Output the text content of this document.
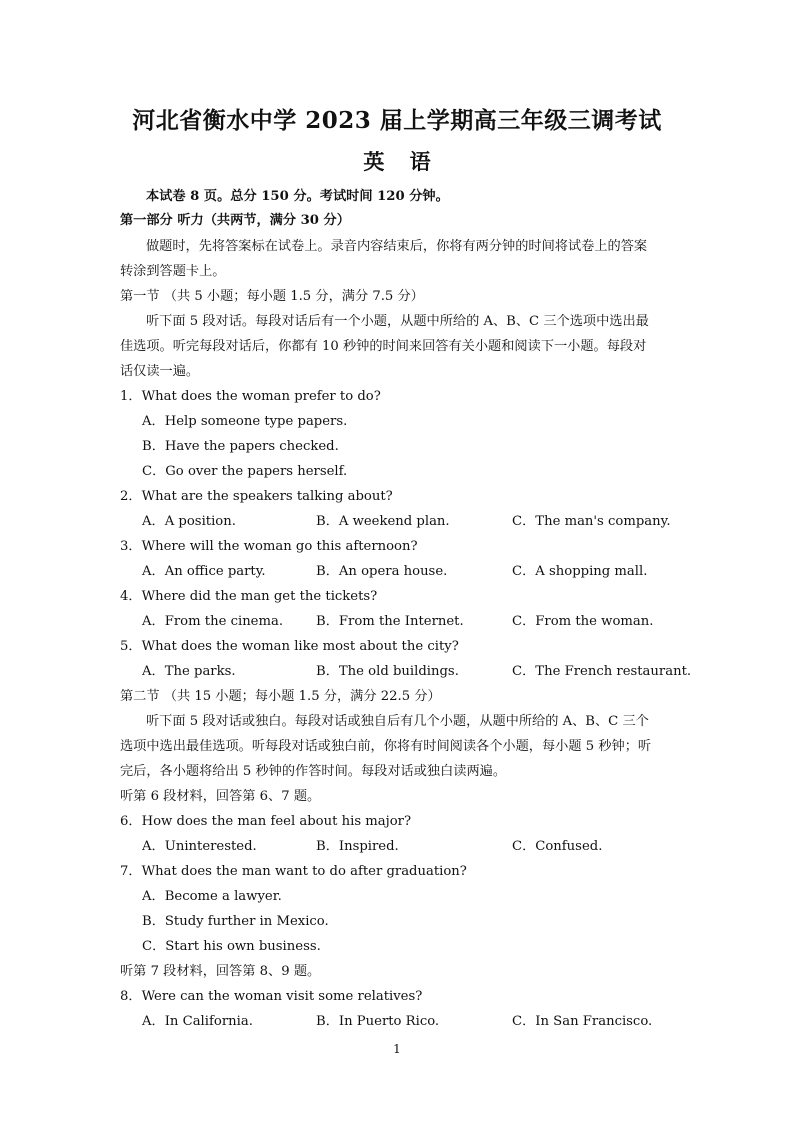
河北省衡水中学 2023 届上学期高三年级三调考试
英 语
本试卷 8 页。总分 150 分。考试时间 120 分钟。
第一部分 听力（共两节，满分 30 分）
做题时，先将答案标在试卷上。录音内容结束后，你将有两分钟的时间将试卷上的答案
转涂到答题卡上。
第一节 （共 5 小题；每小题 1.5 分，满分 7.5 分）
听下面 5 段对话。每段对话后有一个小题，从题中所给的 A、B、C 三个选项中选出最
佳选项。听完每段对话后，你都有 10 秒钟的时间来回答有关小题和阅读下一小题。每段对
话仅读一遍。
1．What does the woman prefer to do?
A．Help someone type papers.
B．Have the papers checked.
C．Go over the papers herself.
2．What are the speakers talking about?
A．A position.	B．A weekend plan.	C．The man's company.
3．Where will the woman go this afternoon?
A．An office party.	B．An opera house.	C．A shopping mall.
4．Where did the man get the tickets?
A．From the cinema. B．From the Internet.	C．From the woman.
5．What does the woman like most about the city?
A．The parks.	B．The old buildings.	C．The French restaurant.
第二节 （共 15 小题；每小题 1.5 分，满分 22.5 分）
听下面 5 段对话或独白。每段对话或独自后有几个小题，从题中所给的 A、B、C 三个
选项中选出最佳选项。听每段对话或独白前，你将有时间阅读各个小题，每小题 5 秒钟；听
完后，各小题将给出 5 秒钟的作答时间。每段对话或独白读两遍。
听第 6 段材料，回答第 6、7 题。
6．How does the man feel about his major?
A．Uninterested.	B．Inspired.	C．Confused.
7．What does the man want to do after graduation?
A．Become a lawyer.
B．Study further in Mexico.
C．Start his own business.
听第 7 段材料，回答第 8、9 题。
8．Were can the woman visit some relatives?
A．In California.	B．In Puerto Rico.	C．In San Francisco.
1
